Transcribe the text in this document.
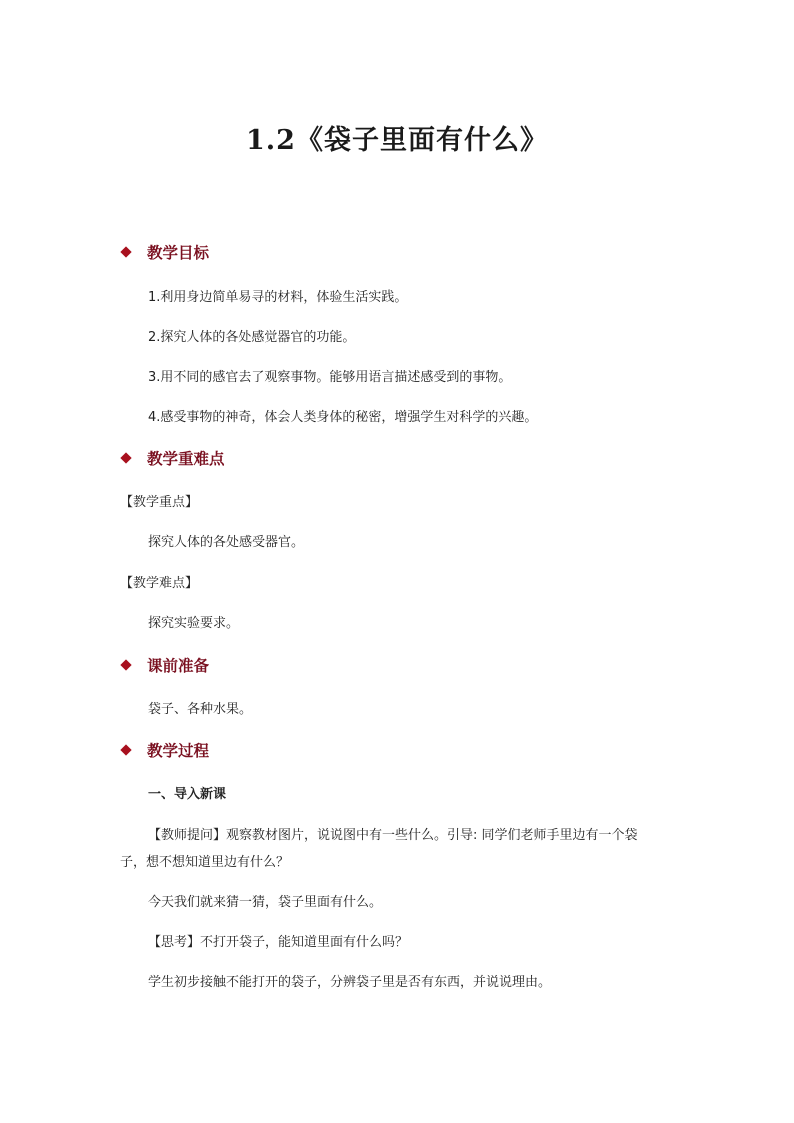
1.2《袋子里面有什么》
教学目标
1.利用身边简单易寻的材料，体验生活实践。
2.探究人体的各处感觉器官的功能。
3.用不同的感官去了观察事物。能够用语言描述感受到的事物。
4.感受事物的神奇，体会人类身体的秘密，增强学生对科学的兴趣。
教学重难点
【教学重点】
探究人体的各处感受器官。
【教学难点】
探究实验要求。
课前准备
袋子、各种水果。
教学过程
一、导入新课
【教师提问】观察教材图片，说说图中有一些什么。引导: 同学们老师手里边有一个袋
子，想不想知道里边有什么？
今天我们就来猜一猜，袋子里面有什么。
【思考】不打开袋子，能知道里面有什么吗？
学生初步接触不能打开的袋子，分辨袋子里是否有东西，并说说理由。
